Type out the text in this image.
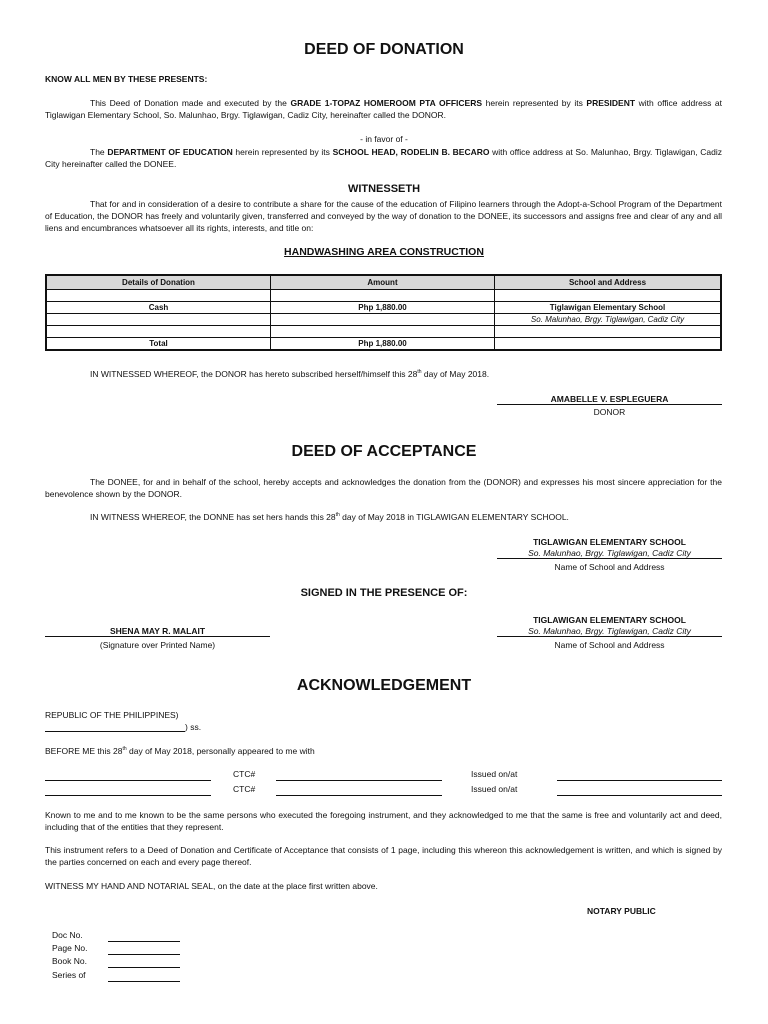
DEED OF DONATION
KNOW ALL MEN BY THESE PRESENTS:
This Deed of Donation made and executed by the GRADE 1-TOPAZ HOMEROOM PTA OFFICERS herein represented by its PRESIDENT with office address at Tiglawigan Elementary School, So. Malunhao, Brgy. Tiglawigan, Cadiz City, hereinafter called the DONOR.
- in favor of -
The DEPARTMENT OF EDUCATION herein represented by its SCHOOL HEAD, RODELIN B. BECARO with office address at So. Malunhao, Brgy. Tiglawigan, Cadiz City hereinafter called the DONEE.
WITNESSETH
That for and in consideration of a desire to contribute a share for the cause of the education of Filipino learners through the Adopt-a-School Program of the Department of Education, the DONOR has freely and voluntarily given, transferred and conveyed by the way of donation to the DONEE, its successors and assigns free and clear of any and all liens and encumbrances whatsoever all its rights, interests, and title on:
HANDWASHING AREA CONSTRUCTION
Details of Donation	Amount	School and Address

Cash	Php 1,880.00	Tiglawigan Elementary School
		So. Malunhao, Brgy. Tiglawigan, Cadiz City

Total	Php 1,880.00	
IN WITNESSED WHEREOF, the DONOR has hereto subscribed herself/himself this 28th day of May 2018.
AMABELLE V. ESPLEGUERA
DONOR
DEED OF ACCEPTANCE
The DONEE, for and in behalf of the school, hereby accepts and acknowledges the donation from the (DONOR) and expresses his most sincere appreciation for the benevolence shown by the DONOR.
IN WITNESS WHEREOF, the DONNE has set hers hands this 28th day of May 2018 in TIGLAWIGAN ELEMENTARY SCHOOL.
TIGLAWIGAN ELEMENTARY SCHOOL
So. Malunhao, Brgy. Tiglawigan, Cadiz City
Name of School and Address
SIGNED IN THE PRESENCE OF:
SHENA MAY R. MALAIT
(Signature over Printed Name)
TIGLAWIGAN ELEMENTARY SCHOOL
So. Malunhao, Brgy. Tiglawigan, Cadiz City
Name of School and Address
ACKNOWLEDGEMENT
REPUBLIC OF THE PHILIPPINES)
) ss.
BEFORE ME this 28th day of May 2018, personally appeared to me with
CTC#	Issued on/at
CTC#	Issued on/at
Known to me and to me known to be the same persons who executed the foregoing instrument, and they acknowledged to me that the same is free and voluntarily act and deed, including that of the entities that they represent.
This instrument refers to a Deed of Donation and Certificate of Acceptance that consists of 1 page, including this whereon this acknowledgement is written, and which is signed by the parties concerned on each and every page thereof.
WITNESS MY HAND AND NOTARIAL SEAL, on the date at the place first written above.
NOTARY PUBLIC
Doc No.
Page No.
Book No.
Series of
